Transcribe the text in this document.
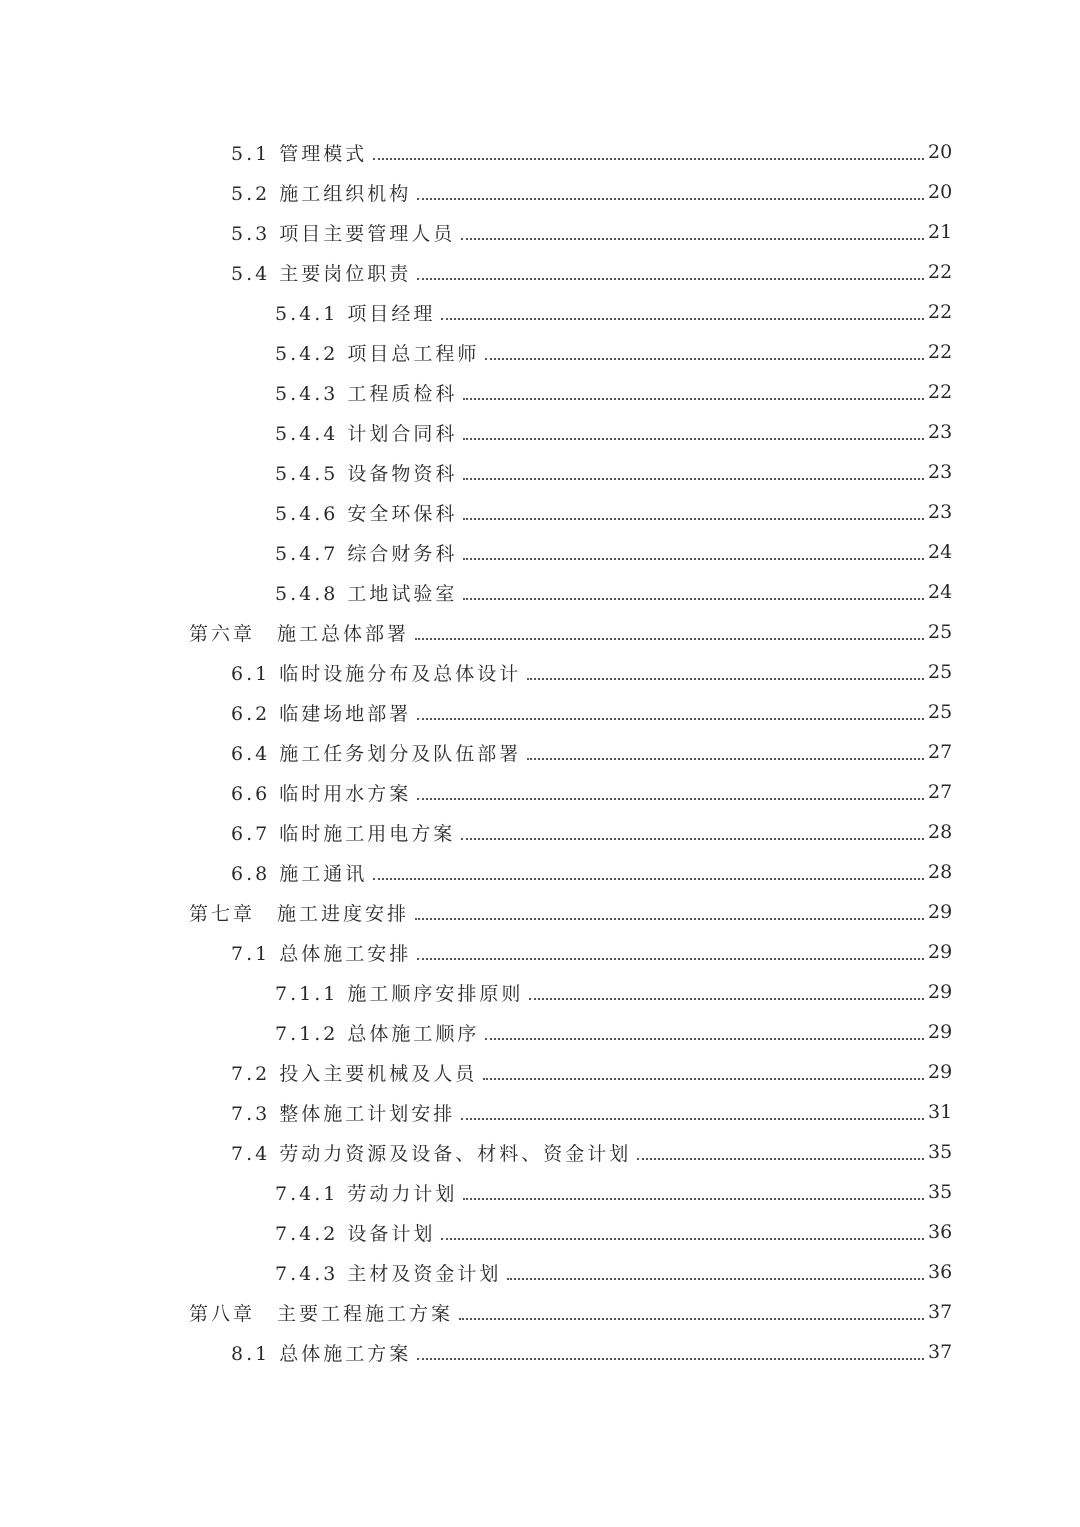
5.1 管理模式	20
5.2 施工组织机构	20
5.3 项目主要管理人员	21
5.4 主要岗位职责	22
5.4.1 项目经理	22
5.4.2 项目总工程师	22
5.4.3 工程质检科	22
5.4.4 计划合同科	23
5.4.5 设备物资科	23
5.4.6 安全环保科	23
5.4.7 综合财务科	24
5.4.8 工地试验室	24
第六章　施工总体部署	25
6.1 临时设施分布及总体设计	25
6.2 临建场地部署	25
6.4 施工任务划分及队伍部署	27
6.6 临时用水方案	27
6.7 临时施工用电方案	28
6.8 施工通讯	28
第七章　施工进度安排	29
7.1 总体施工安排	29
7.1.1 施工顺序安排原则	29
7.1.2 总体施工顺序	29
7.2 投入主要机械及人员	29
7.3 整体施工计划安排	31
7.4 劳动力资源及设备、材料、资金计划	35
7.4.1 劳动力计划	35
7.4.2 设备计划	36
7.4.3 主材及资金计划	36
第八章　主要工程施工方案	37
8.1 总体施工方案	37
